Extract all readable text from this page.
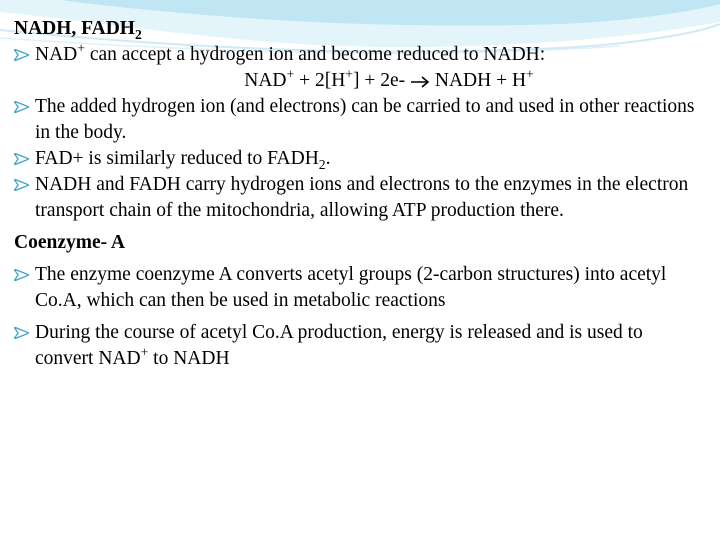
NADH, $FADH_2$

NAD+ can accept a hydrogen ion and become reduced to NADH:

NAD+ + 2[H+] + 2e- → NADH + H+

The added hydrogen ion (and electrons) can be carried to and used in other reactions in the body.

FAD+ is similarly reduced to $FADH_2$.

NADH and FADH carry hydrogen ions and electrons to the enzymes in the electron transport chain of the mitochondria, allowing ATP production there.

Coenzyme- A

The enzyme coenzyme A converts acetyl groups (2-carbon structures) into acetyl Co.A, which can then be used in metabolic reactions

During the course of acetyl Co.A production, energy is released and is used to convert NAD+ to NADH
